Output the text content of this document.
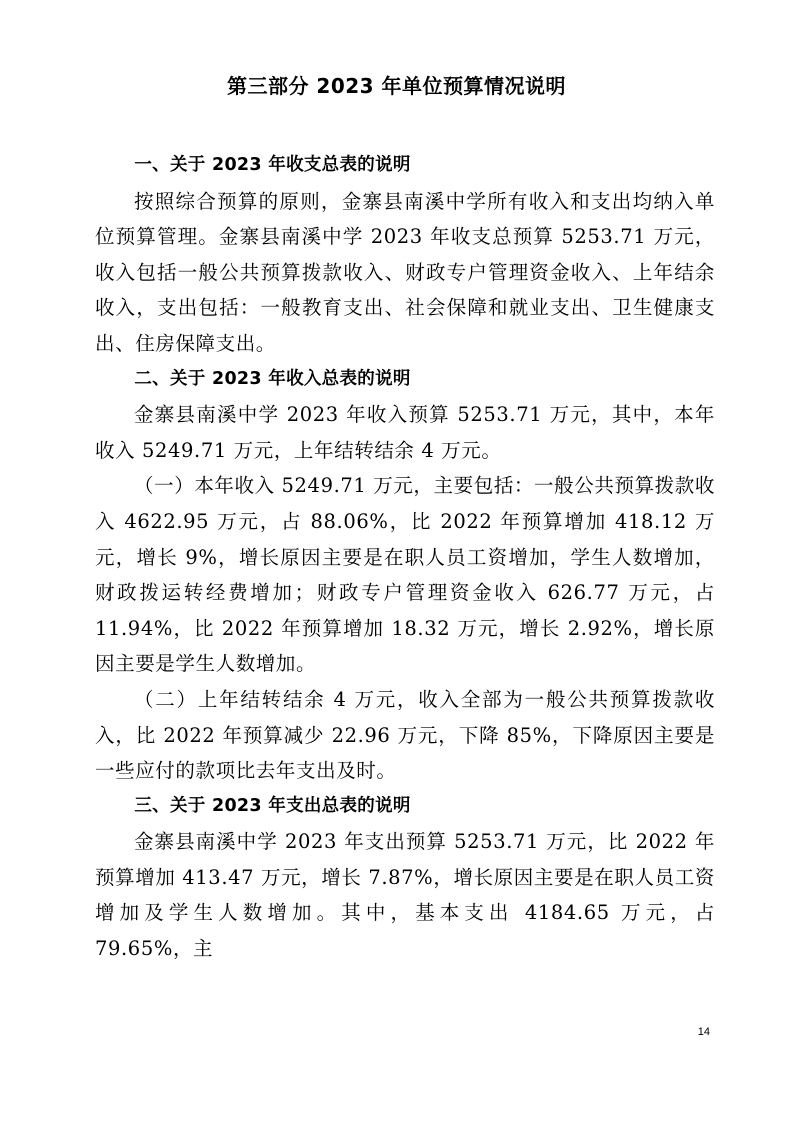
第三部分 2023 年单位预算情况说明
一、关于 2023 年收支总表的说明

按照综合预算的原则，金寨县南溪中学所有收入和支出均纳入单位预算管理。金寨县南溪中学 2023 年收支总预算 5253.71 万元，收入包括一般公共预算拨款收入、财政专户管理资金收入、上年结余收入，支出包括：一般教育支出、社会保障和就业支出、卫生健康支出、住房保障支出。

二、关于 2023 年收入总表的说明

金寨县南溪中学 2023 年收入预算 5253.71 万元，其中，本年收入 5249.71 万元，上年结转结余 4 万元。

（一）本年收入 5249.71 万元，主要包括：一般公共预算拨款收入 4622.95 万元，占 88.06%，比 2022 年预算增加 418.12 万元，增长 9%，增长原因主要是在职人员工资增加，学生人数增加，财政拨运转经费增加；财政专户管理资金收入 626.77 万元，占 11.94%，比 2022 年预算增加 18.32 万元，增长 2.92%，增长原因主要是学生人数增加。

（二）上年结转结余 4 万元，收入全部为一般公共预算拨款收入，比 2022 年预算减少 22.96 万元，下降 85%，下降原因主要是一些应付的款项比去年支出及时。

三、关于 2023 年支出总表的说明

金寨县南溪中学 2023 年支出预算 5253.71 万元，比 2022 年预算增加 413.47 万元，增长 7.87%，增长原因主要是在职人员工资增加及学生人数增加。其中，基本支出 4184.65 万元，占 79.65%，主

14
